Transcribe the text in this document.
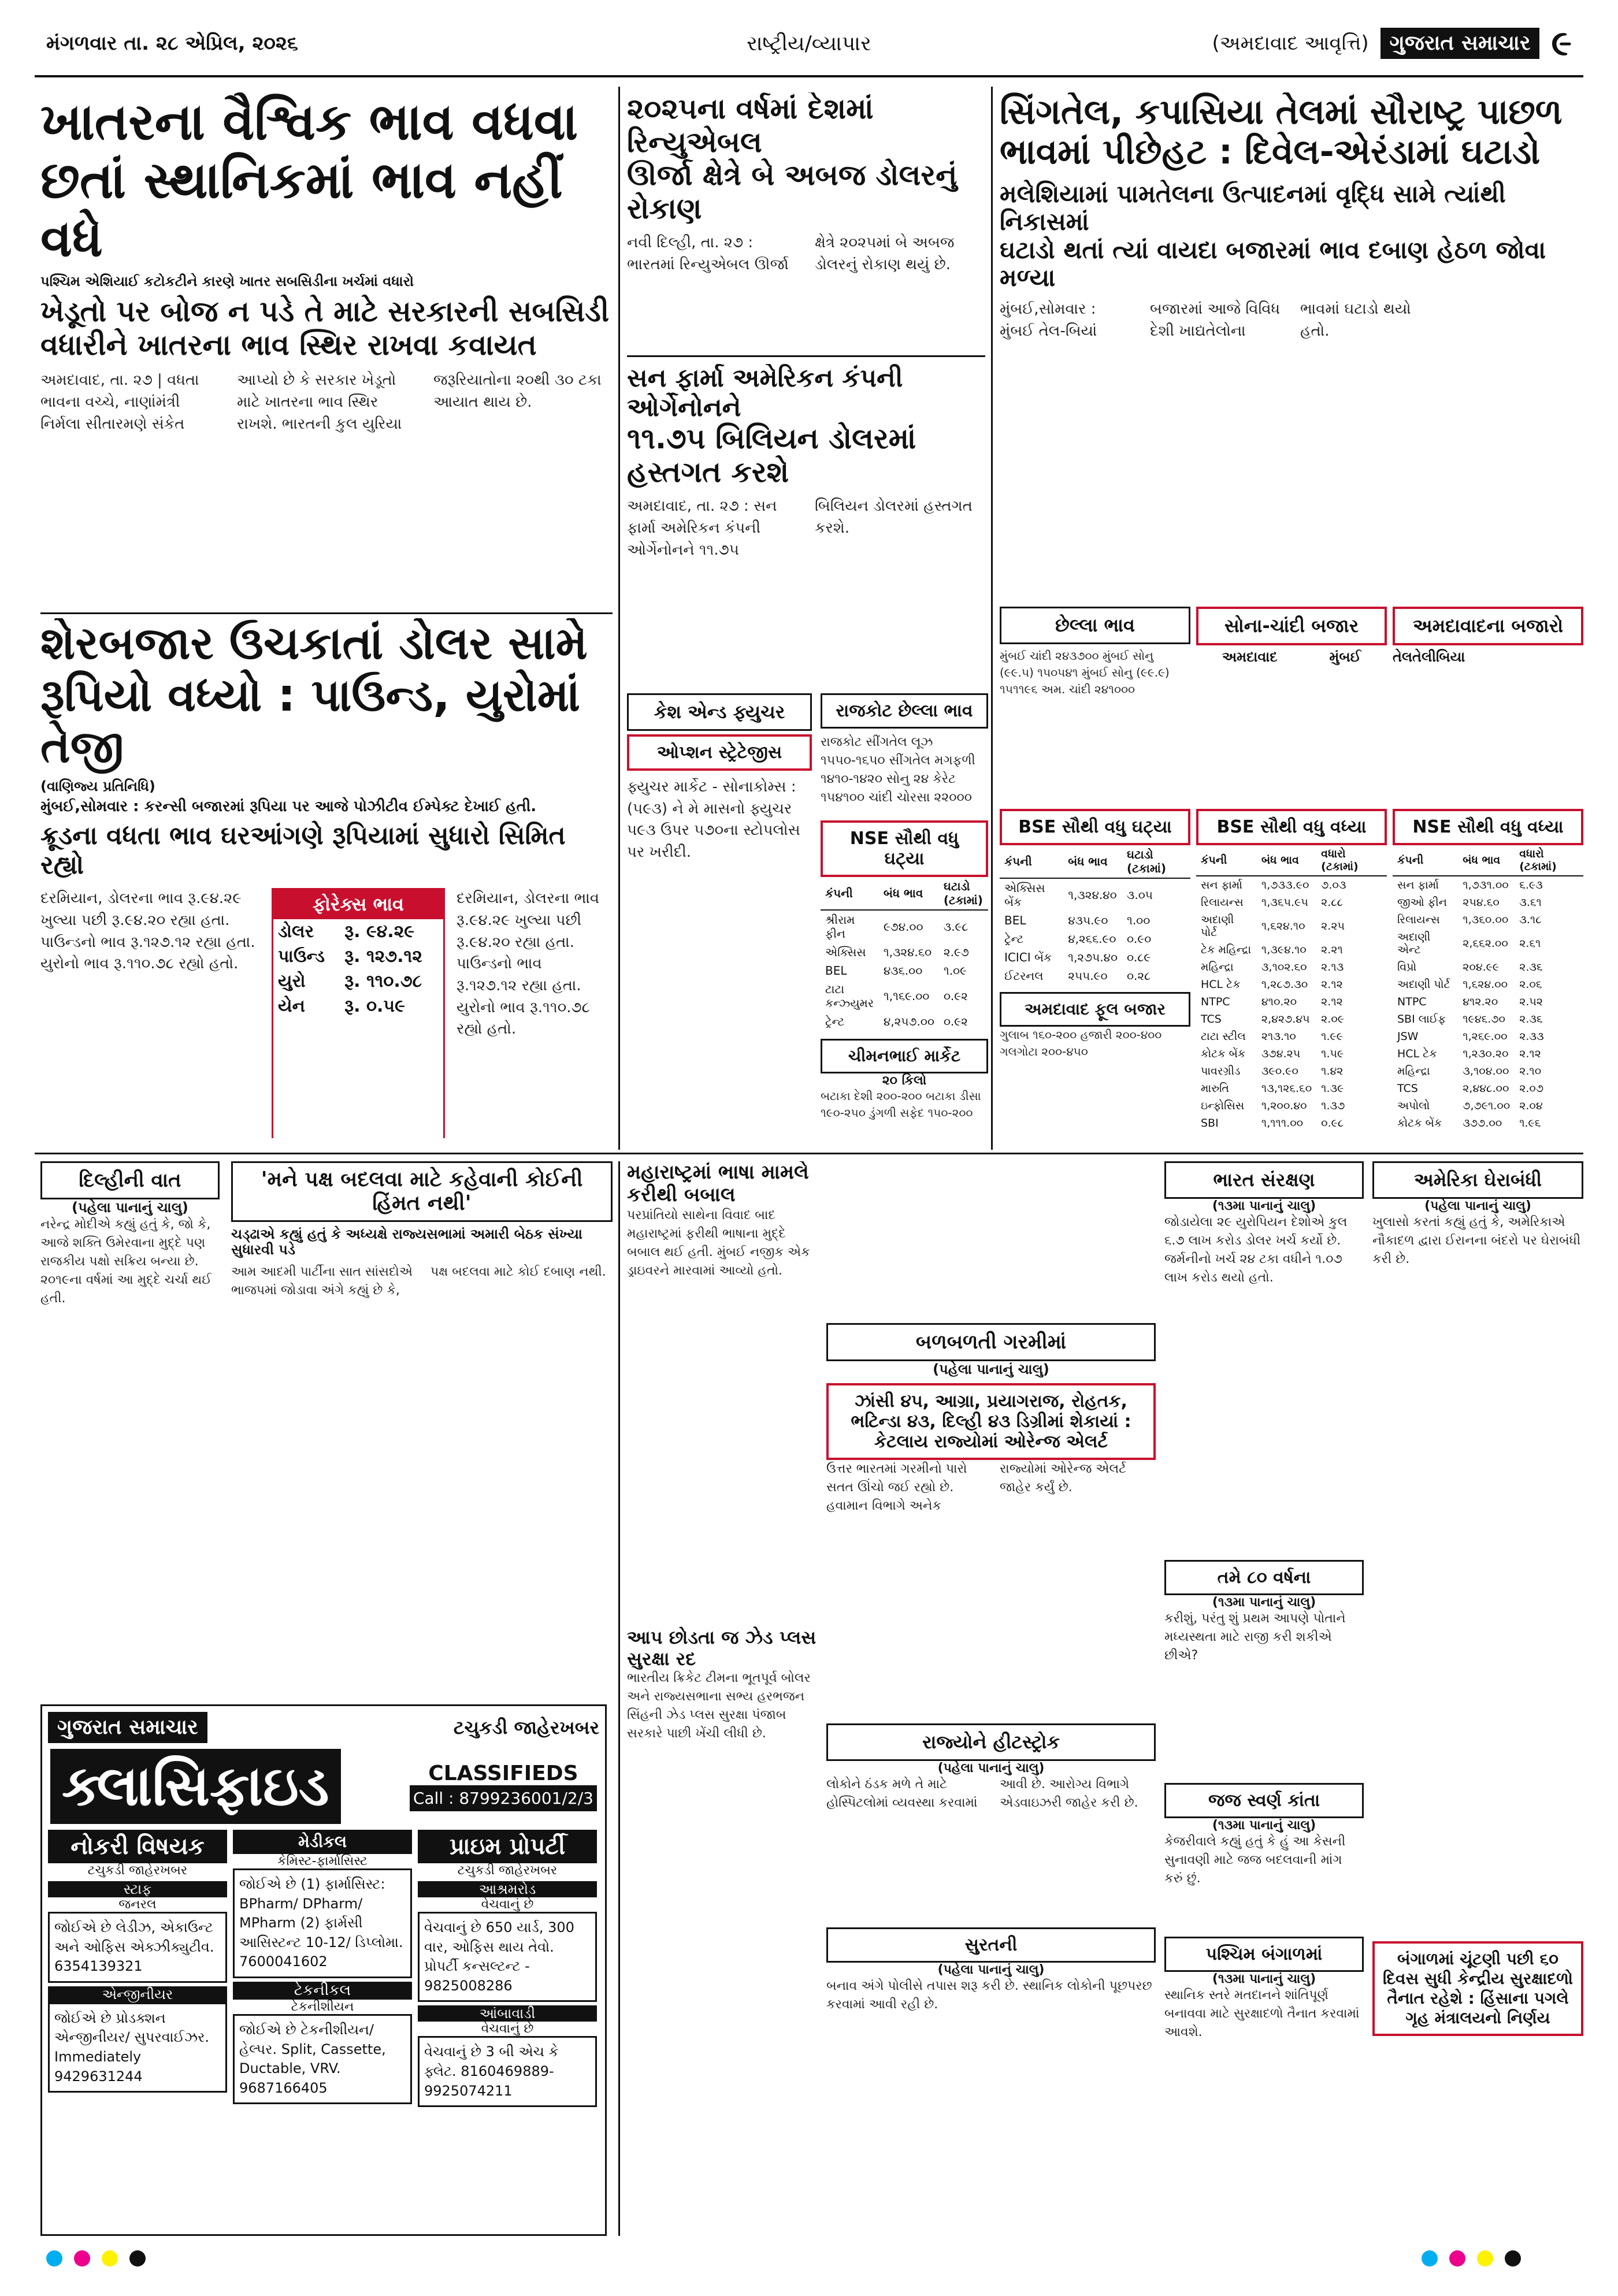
મંગળવાર તા. ૨૮ એપ્રિલ, ૨૦૨૬	રાષ્ટ્રીય/વ્યાપાર	(અમદાવાદ આવૃત્તિ)	ગુજરાત સમાચાર ૯
ખાતરના વૈશ્વિક ભાવ વધવા
છતાં સ્થાનિકમાં ભાવ નહીં વધે
પશ્ચિમ એશિયાઈ કટોકટીને કારણે ખાતર સબસિડીના ખર્ચમાં વધારો
ખેડૂતો પર બોજ ન પડે તે માટે સરકારની સબસિડી
વધારીને ખાતરના ભાવ સ્થિર રાખવા કવાયત
અમદાવાદ, તા. ૨૭ | વધતા ભાવના વચ્ચે, નાણાંમંત્રી નિર્મલા સીતારમણે સંકેત આપ્યો છે કે સરકાર ખેડૂતો માટે ખાતરના ભાવ સ્થિર રાખશે. ભારતની કુલ યુરિયા જરૂરિયાતોના ૨૦થી ૩૦ ટકા આયાત થાય છે.
શેરબજાર ઉંચકાતાં ડોલર સામે
રૂપિયો વધ્યો : પાઉન્ડ, યુરોમાં તેજી
(વાણિજ્ય પ્રતિનિધિ)
મુંબઈ,સોમવાર : કરન્સી બજારમાં રૂપિયા પર આજે પોઝીટીવ ઈમ્પેક્ટ દેખાઈ હતી.
ક્રૂડના વધતા ભાવ ઘરઆંગણે રૂપિયામાં સુધારો સિમિત રહ્યો
દરમિયાન, ડોલરના ભાવ રૂ.૯૪.૨૯ ખુલ્યા પછી રૂ.૯૪.૨૦ રહ્યા હતા. પાઉન્ડનો ભાવ રૂ.૧૨૭.૧૨ રહ્યા હતા. યુરોનો ભાવ રૂ.૧૧૦.૭૮ રહ્યો હતો.
ફોરેક્સ ભાવ
ડોલર	રૂ. ૯૪.૨૯
પાઉન્ડ	રૂ. ૧૨૭.૧૨
યુરો	રૂ. ૧૧૦.૭૮
યેન	રૂ. ૦.૫૯
દરમિયાન, ડોલરના ભાવ રૂ.૯૪.૨૯ ખુલ્યા પછી રૂ.૯૪.૨૦ રહ્યા હતા. પાઉન્ડનો ભાવ રૂ.૧૨૭.૧૨ રહ્યા હતા. યુરોનો ભાવ રૂ.૧૧૦.૭૮ રહ્યો હતો.
૨૦૨૫ના વર્ષમાં દેશમાં રિન્યુએબલ
ઊર્જા ક્ષેત્રે બે અબજ ડોલરનું રોકાણ
નવી દિલ્હી, તા. ૨૭ : ભારતમાં રિન્યુએબલ ઊર્જા ક્ષેત્રે ૨૦૨૫માં બે અબજ ડોલરનું રોકાણ થયું છે.
સન ફાર્મા અમેરિકન કંપની ઓર્ગેનોનને
૧૧.૭૫ બિલિયન ડોલરમાં હસ્તગત કરશે
અમદાવાદ, તા. ૨૭ : સન ફાર્મા અમેરિકન કંપની ઓર્ગેનોનને ૧૧.૭૫ બિલિયન ડોલરમાં હસ્તગત કરશે.
કેશ એન્ડ ફ્યુચર
ઓપ્શન સ્ટ્રેટેજીસ
ફ્યુચર માર્કેટ - સોનાકોમ્સ : (૫૯૩) ને મે માસનો ફ્યુચર ૫૯૩ ઉપર ૫૭૦ના સ્ટોપલોસ પર ખરીદી.
રાજકોટ છેલ્લા ભાવ
રાજકોટ સીંગતેલ લૂઝ ૧૫૫૦-૧૬૫૦ સીંગતેલ મગફળી ૧૪૧૦-૧૪૨૦ સોનુ ૨૪ કેરેટ ૧૫૪૧૦૦ ચાંદી ચોરસા ૨૨૦૦૦
NSE સૌથી વધુ ઘટ્યા
કંપની	બંધ ભાવ	ઘટાડો (ટકામાં)
શ્રીરામ ફીન	૯૭૪.૦૦	૩.૯૮
એક્સિસ	૧,૩૨૪.૬૦	૨.૯૭
BEL	૪૩૬.૦૦	૧.૦૯
ટાટા કન્ઝ્યુમર	૧,૧૬૯.૦૦	૦.૯૨
ટ્રેન્ટ	૪,૨૫૭.૦૦	૦.૯૨
ચીમનભાઈ માર્કેટ
૨૦ કિલો
બટાકા દેશી ૨૦૦-૨૦૦ બટાકા ડીસા ૧૯૦-૨૫૦ ડુંગળી સફેદ ૧૫૦-૨૦૦
સિંગતેલ, કપાસિયા તેલમાં સૌરાષ્ટ્ર પાછળ
ભાવમાં પીછેહટ : દિવેલ-એરંડામાં ઘટાડો
મલેશિયામાં પામતેલના ઉત્પાદનમાં વૃદ્ધિ સામે ત્યાંથી નિકાસમાં
ઘટાડો થતાં ત્યાં વાયદા બજારમાં ભાવ દબાણ હેઠળ જોવા મળ્યા
મુંબઈ,સોમવાર : મુંબઈ તેલ-બિયાં બજારમાં આજે વિવિધ દેશી ખાદ્યતેલોના ભાવમાં ઘટાડો થયો હતો.
છેલ્લા ભાવ
મુંબઈ ચાંદી ૨૪૩૭૦૦ મુંબઈ સોનુ (૯૯.૫) ૧૫૦૫૪૧ મુંબઈ સોનુ (૯૯.૯) ૧૫૧૧૯૬ અમ. ચાંદી ૨૪૧૦૦૦
સોના-ચાંદી બજાર
અમદાવાદ	મુંબઈ
અમદાવાદના બજારો
તેલતેલીબિયા
BSE સૌથી વધુ ઘટ્યા
કંપની	બંધ ભાવ	ઘટાડો (ટકામાં)
એક્સિસ બેંક	૧,૩૨૪.૪૦	૩.૦૫
BEL	૪૩૫.૯૦	૧.૦૦
ટ્રેન્ટ	૪,૨૬૬.૯૦	૦.૯૦
ICICI બેંક	૧,૨૭૫.૪૦	૦.૮૯
ઈટરનલ	૨૫૫.૯૦	૦.૨૮
અમદાવાદ ફૂલ બજાર
ગુલાબ ૧૬૦-૨૦૦ હજારી ૨૦૦-૪૦૦ ગલગોટા ૨૦૦-૪૫૦
BSE સૌથી વધુ વધ્યા
કંપની	બંધ ભાવ	વધારો (ટકામાં)
સન ફાર્મા	૧,૭૩૩.૯૦	૭.૦૩
રિલાયન્સ	૧,૩૬૫.૯૫	૨.૮૮
અદાણી પોર્ટ	૧,૬૨૪.૧૦	૨.૨૫
ટેક મહિન્દ્રા	૧,૩૯૪.૧૦	૨.૨૧
મહિન્દ્રા	૩,૧૦૨.૬૦	૨.૧૩
HCL ટેક	૧,૨૮૭.૩૦	૨.૧૨
NTPC	૪૧૦.૨૦	૨.૧૨
TCS	૨,૪૨૭.૪૫	૨.૦૯
ટાટા સ્ટીલ	૨૧૩.૧૦	૧.૯૯
કોટક બેંક	૩૭૪.૨૫	૧.૫૯
પાવરગ્રીડ	૩૯૦.૯૦	૧.૪૨
મારુતિ	૧૩,૧૨૬.૬૦	૧.૩૯
ઇન્ફોસિસ	૧,૨૦૦.૪૦	૧.૩૭
SBI	૧,૧૧૧.૦૦	૦.૯૮
NSE સૌથી વધુ વધ્યા
કંપની	બંધ ભાવ	વધારો (ટકામાં)
સન ફાર્મા	૧,૭૩૧.૦૦	૬.૯૩
જીઓ ફીન	૨૫૪.૬૦	૩.૬૧
રિલાયન્સ	૧,૩૬૦.૦૦	૩.૧૮
અદાણી એન્ટ	૨,૬૬૨.૦૦	૨.૬૧
વિપ્રો	૨૦૪.૯૯	૨.૩૬
અદાણી પોર્ટ	૧,૬૨૪.૦૦	૨.૦૬
NTPC	૪૧૨.૨૦	૨.૫૨
SBI લાઈફ	૧૯૪૬.૭૦	૨.૩૬
JSW	૧,૨૬૯.૦૦	૨.૩૩
HCL ટેક	૧,૨૩૦.૨૦	૨.૧૨
મહિન્દ્રા	૩,૧૦૪.૦૦	૨.૧૦
TCS	૨,૪૪૮.૦૦	૨.૦૭
અપોલો	૭,૭૯૧.૦૦	૨.૦૪
કોટક બેંક	૩૭૭.૦૦	૧.૯૬
દિલ્હીની વાત
(પહેલા પાનાનું ચાલુ)
નરેન્દ્ર મોદીએ કહ્યું હતું કે, જો કે, આજે શક્તિ ઉમેરવાના મુદ્દે પણ રાજકીય પક્ષો સક્રિય બન્યા છે. ૨૦૧૯ના વર્ષમાં આ મુદ્દે ચર્ચા થઈ હતી.
'મને પક્ષ બદલવા માટે કહેવાની કોઈની હિંમત નથી'
ચડ્ઢાએ કહ્યું હતું કે અધ્યક્ષે રાજ્યસભામાં અમારી બેઠક સંખ્યા સુધારવી પડે
આમ આદમી પાર્ટીના સાત સાંસદોએ ભાજપમાં જોડાવા અંગે કહ્યું છે કે, પક્ષ બદલવા માટે કોઈ દબાણ નથી.
મહારાષ્ટ્રમાં ભાષા મામલે કરીથી બબાલ
પરપ્રાંતિયો સાથેના વિવાદ બાદ મહારાષ્ટ્રમાં ફરીથી ભાષાના મુદ્દે બબાલ થઈ હતી. મુંબઈ નજીક એક ડ્રાઇવરને મારવામાં આવ્યો હતો.
આપ છોડતા જ ઝેડ પ્લસ સુરક્ષા રદ
ભારતીય ક્રિકેટ ટીમના ભૂતપૂર્વ બોલર અને રાજ્યસભાના સભ્ય હરભજન સિંહની ઝેડ પ્લસ સુરક્ષા પંજાબ સરકારે પાછી ખેંચી લીધી છે.
બળબળતી ગરમીમાં
(પહેલા પાનાનું ચાલુ)
ઝાંસી ૪૫, આગ્રા, પ્રયાગરાજ, રોહતક, ભટિન્ડા ૪૩, દિલ્હી ૪૩ ડિગ્રીમાં શેકાયાં : કેટલાય રાજ્યોમાં ઓરેન્જ એલર્ટ
ઉત્તર ભારતમાં ગરમીનો પારો સતત ઊંચો જઈ રહ્યો છે. હવામાન વિભાગે અનેક રાજ્યોમાં ઓરેન્જ એલર્ટ જાહેર કર્યું છે.
રાજ્યોને હીટસ્ટ્રોક
(પહેલા પાનાનું ચાલુ)
લોકોને ઠંડક મળે તે માટે હોસ્પિટલોમાં વ્યવસ્થા કરવામાં આવી છે. આરોગ્ય વિભાગે એડવાઇઝરી જાહેર કરી છે.
સુરતની
(પહેલા પાનાનું ચાલુ)
બનાવ અંગે પોલીસે તપાસ શરૂ કરી છે. સ્થાનિક લોકોની પૂછપરછ કરવામાં આવી રહી છે.
ભારત સંરક્ષણ
(૧૩મા પાનાનું ચાલુ)
જોડાયેલા ૨૯ યુરોપિયન દેશોએ કુલ ૬.૭ લાખ કરોડ ડોલર ખર્ચ કર્યો છે. જર્મનીનો ખર્ચ ૨૪ ટકા વધીને ૧.૦૭ લાખ કરોડ થયો હતો.
તમે ૮૦ વર્ષના
(૧૩મા પાનાનું ચાલુ)
કરીશું, પરંતુ શું પ્રથમ આપણે પોતાને મધ્યસ્થતા માટે રાજી કરી શકીએ છીએ?
જજ સ્વર્ણ કાંતા
(૧૩મા પાનાનું ચાલુ)
કેજરીવાલે કહ્યું હતું કે હું આ કેસની સુનાવણી માટે જજ બદલવાની માંગ કરું છું.
પશ્ચિમ બંગાળમાં
(૧૩મા પાનાનું ચાલુ)
સ્થાનિક સ્તરે મતદાનને શાંતિપૂર્ણ બનાવવા માટે સુરક્ષાદળો તૈનાત કરવામાં આવશે.
અમેરિકા ઘેરાબંધી
(પહેલા પાનાનું ચાલુ)
ખુલાસો કરતાં કહ્યું હતું કે, અમેરિકાએ નૌકાદળ દ્વારા ઈરાનના બંદરો પર ઘેરાબંધી કરી છે.
બંગાળમાં ચૂંટણી પછી ૬૦ દિવસ સુધી કેન્દ્રીય સુરક્ષાદળો તૈનાત રહેશે : હિંસાના પગલે ગૃહ મંત્રાલયનો નિર્ણય
ગુજરાત સમાચાર	ટચુકડી જાહેરખબર
ક્લાસિફાઇડ	CLASSIFIEDS
Call : 8799236001/2/3
નોકરી વિષયક
ટચુકડી જાહેરખબર
સ્ટાફ
જનરલ
જોઈએ છે લેડીઝ, એકાઉન્ટ અને ઓફિસ એક્ઝીક્યુટીવ. 6354139321
એન્જીનીયર
જોઈએ છે પ્રોડક્શન એન્જીનીયર/ સુપરવાઈઝર. Immediately 9429631244
મેડીકલ
કેમિસ્ટ-ફાર્માસિસ્ટ
જોઈએ છે (1) ફાર્માસિસ્ટ: BPharm/ DPharm/ MPharm (2) ફાર્મસી આસિસ્ટન્ટ 10-12/ ડિપ્લોમા. 7600041602
ટેકનીકલ
ટેકનીશીયન
જોઈએ છે ટેકનીશીયન/ હેલ્પર. Split, Cassette, Ductable, VRV. 9687166405
પ્રાઇમ પ્રોપર્ટી
ટચુકડી જાહેરખબર
આશ્રમરોડ
વેચવાનું છે
વેચવાનું છે 650 યાર્ડ, 300 વાર, ઓફિસ થાય તેવો. પ્રોપર્ટી કન્સલ્ટન્ટ - 9825008286
આંબાવાડી
વેચવાનું છે
વેચવાનું છે 3 બી એચ કે ફ્લેટ. 8160469889- 9925074211
